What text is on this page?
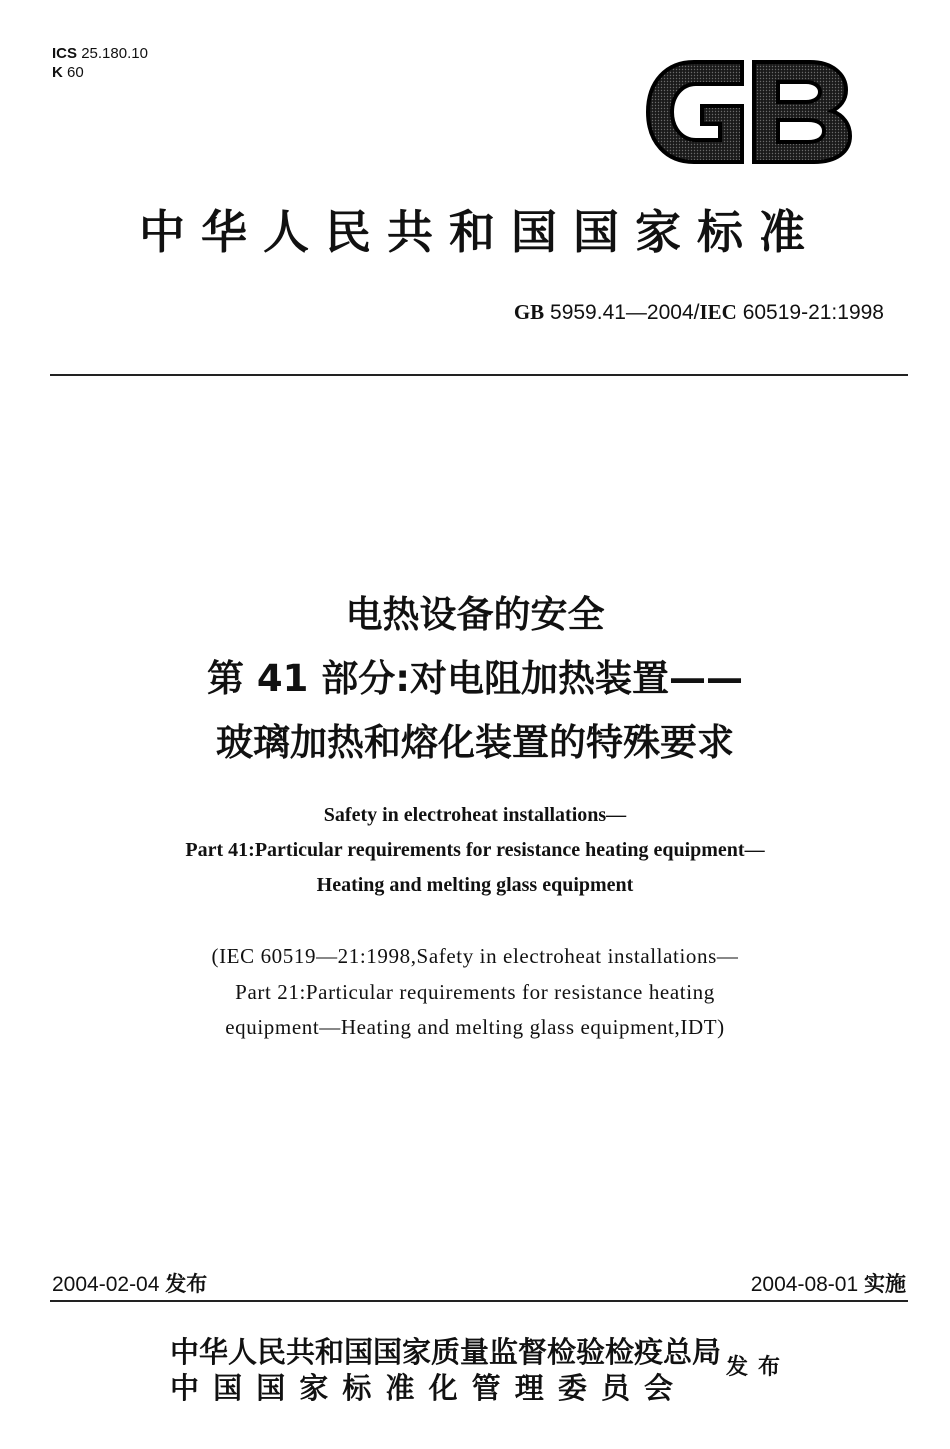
ICS 25.180.10
K 60
中华人民共和国国家标准
GB 5959.41—2004/IEC 60519-21:1998
电热设备的安全
第 41 部分:对电阻加热装置——
玻璃加热和熔化装置的特殊要求
Safety in electroheat installations—
Part 41:Particular requirements for resistance heating equipment—
Heating and melting glass equipment
(IEC 60519—21:1998,Safety in electroheat installations—
Part 21:Particular requirements for resistance heating
equipment—Heating and melting glass equipment,IDT)
2004-02-04 发布	2004-08-01 实施
中华人民共和国国家质量监督检验检疫总局
中 国 国 家 标 准 化 管 理 委 员 会
发布
